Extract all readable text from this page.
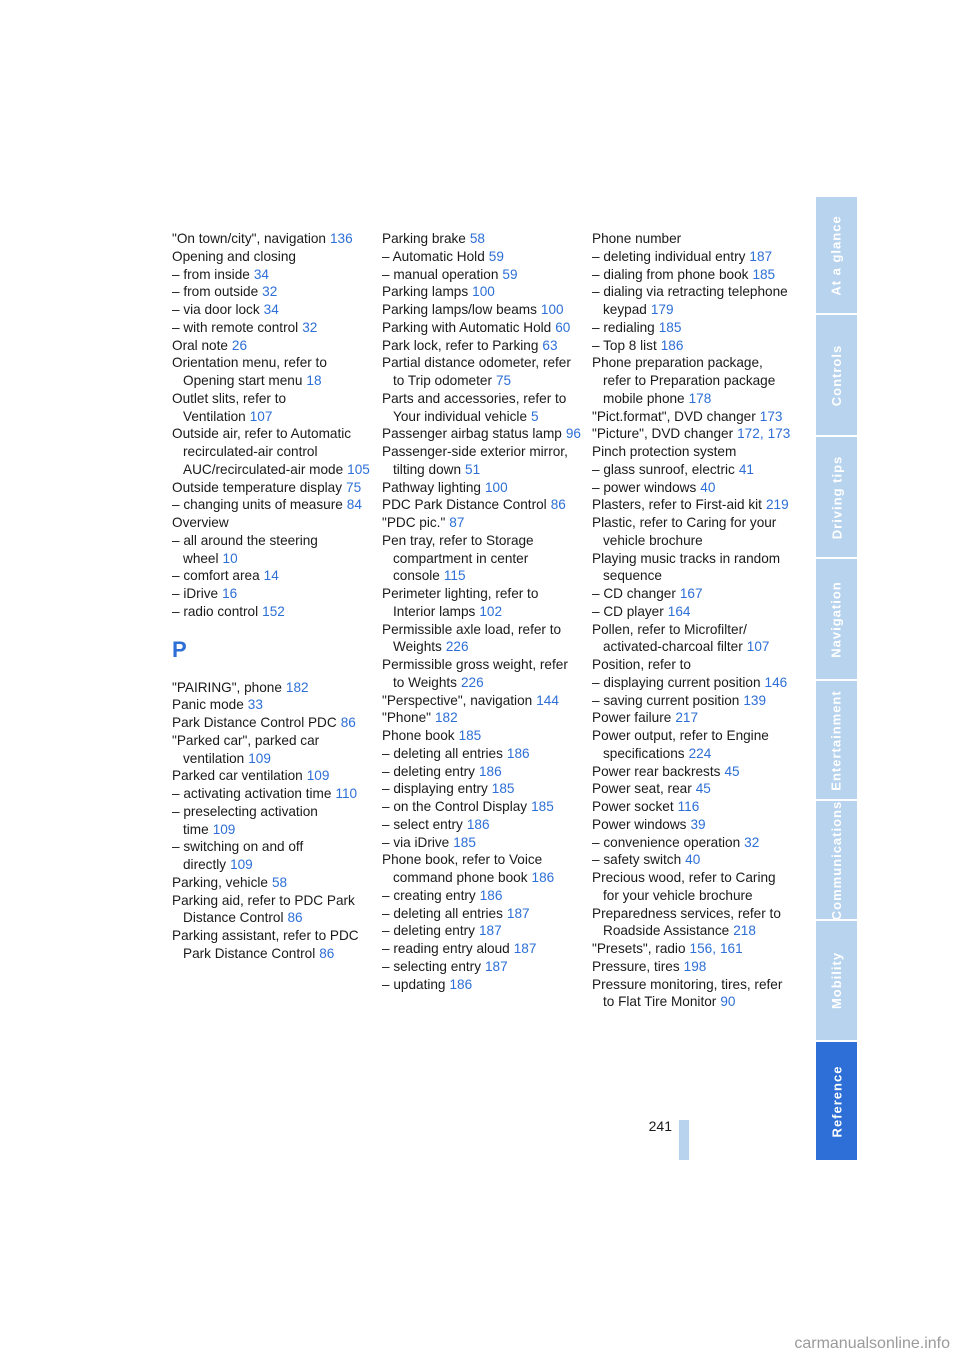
"On town/city", navigation 136
Opening and closing
– from inside 34
– from outside 32
– via door lock 34
– with remote control 32
Oral note 26
Orientation menu, refer to Opening start menu 18
Outlet slits, refer to Ventilation 107
Outside air, refer to Automatic recirculated-air control AUC/recirculated-air mode 105
Outside temperature display 75
– changing units of measure 84
Overview
– all around the steering wheel 10
– comfort area 14
– iDrive 16
– radio control 152
P
"PAIRING", phone 182
Panic mode 33
Park Distance Control PDC 86
"Parked car", parked car ventilation 109
Parked car ventilation 109
– activating activation time 110
– preselecting activation time 109
– switching on and off directly 109
Parking, vehicle 58
Parking aid, refer to PDC Park Distance Control 86
Parking assistant, refer to PDC Park Distance Control 86
Parking brake 58
– Automatic Hold 59
– manual operation 59
Parking lamps 100
Parking lamps/low beams 100
Parking with Automatic Hold 60
Park lock, refer to Parking 63
Partial distance odometer, refer to Trip odometer 75
Parts and accessories, refer to Your individual vehicle 5
Passenger airbag status lamp 96
Passenger-side exterior mirror, tilting down 51
Pathway lighting 100
PDC Park Distance Control 86
"PDC pic." 87
Pen tray, refer to Storage compartment in center console 115
Perimeter lighting, refer to Interior lamps 102
Permissible axle load, refer to Weights 226
Permissible gross weight, refer to Weights 226
"Perspective", navigation 144
"Phone" 182
Phone book 185
– deleting all entries 186
– deleting entry 186
– displaying entry 185
– on the Control Display 185
– select entry 186
– via iDrive 185
Phone book, refer to Voice command phone book 186
– creating entry 186
– deleting all entries 187
– deleting entry 187
– reading entry aloud 187
– selecting entry 187
– updating 186
Phone number
– deleting individual entry 187
– dialing from phone book 185
– dialing via retracting telephone keypad 179
– redialing 185
– Top 8 list 186
Phone preparation package, refer to Preparation package mobile phone 178
"Pict.format", DVD changer 173
"Picture", DVD changer 172, 173
Pinch protection system
– glass sunroof, electric 41
– power windows 40
Plasters, refer to First-aid kit 219
Plastic, refer to Caring for your vehicle brochure
Playing music tracks in random sequence
– CD changer 167
– CD player 164
Pollen, refer to Microfilter/ activated-charcoal filter 107
Position, refer to
– displaying current position 146
– saving current position 139
Power failure 217
Power output, refer to Engine specifications 224
Power rear backrests 45
Power seat, rear 45
Power socket 116
Power windows 39
– convenience operation 32
– safety switch 40
Precious wood, refer to Caring for your vehicle brochure
Preparedness services, refer to Roadside Assistance 218
"Presets", radio 156, 161
Pressure, tires 198
Pressure monitoring, tires, refer to Flat Tire Monitor 90
At a glance
Controls
Driving tips
Navigation
Entertainment
Communications
Mobility
Reference
241
carmanualsonline.info
